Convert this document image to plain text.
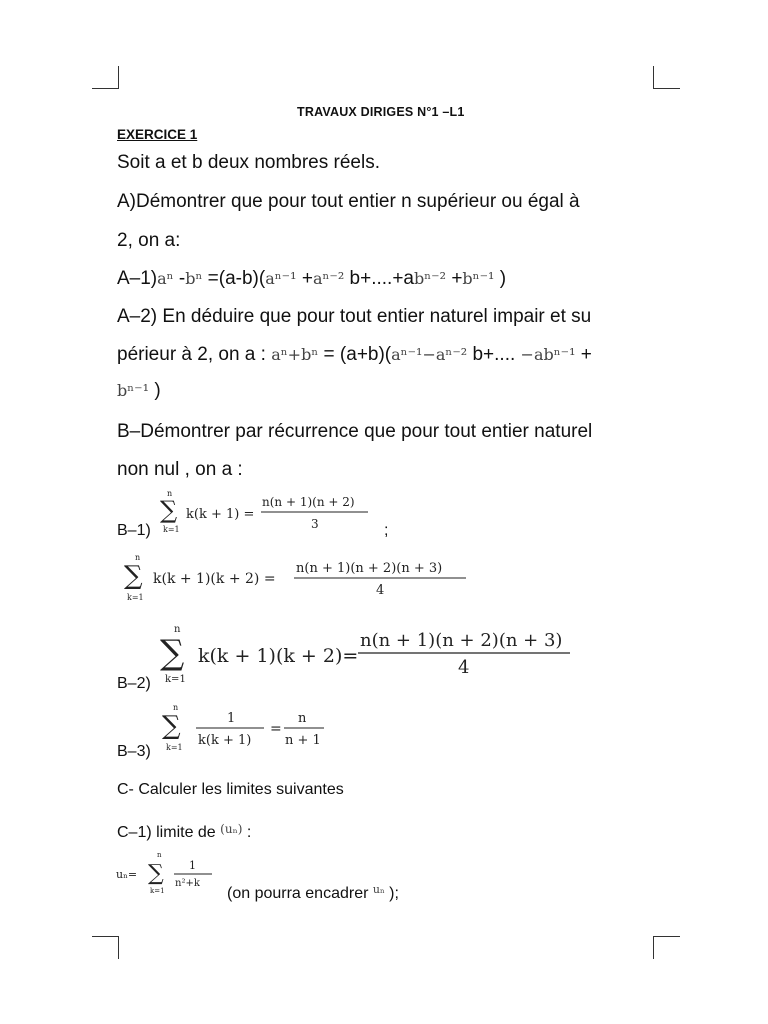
TRAVAUX DIRIGES N°1 –L1
EXERCICE 1
Soit a et b deux nombres réels.
A)Démontrer que pour tout entier n supérieur ou égal à
2, on a:
A–1)aⁿ -bⁿ =(a-b)(aⁿ⁻¹ +aⁿ⁻² b+....+abⁿ⁻² +bⁿ⁻¹ )
A–2) En déduire que pour tout entier naturel impair et su
périeur à 2, on a : aⁿ+bⁿ = (a+b)(aⁿ⁻¹−aⁿ⁻² b+.... −abⁿ⁻¹ +
bⁿ⁻¹ )
B–Démontrer par récurrence que pour tout entier naturel
non nul , on a :
B–1)
n
∑
k=1
k(k + 1) =
n(n + 1)(n + 2)
3	;
n
∑
k=1
k(k + 1)(k + 2) =
n(n + 1)(n + 2)(n + 3)
4
n
∑
k=1
k(k + 1)(k + 2)=
n(n + 1)(n + 2)(n + 3)
4
B–2)
n
∑
k=1
1
k(k + 1)
=
n
n + 1
B–3)
C- Calculer les limites suivantes
C–1) limite de $^{(u_n)}$ :
uₙ=
n
∑
k=1
1
n²+k
(on pourra encadrer $^{u_n}$ );
